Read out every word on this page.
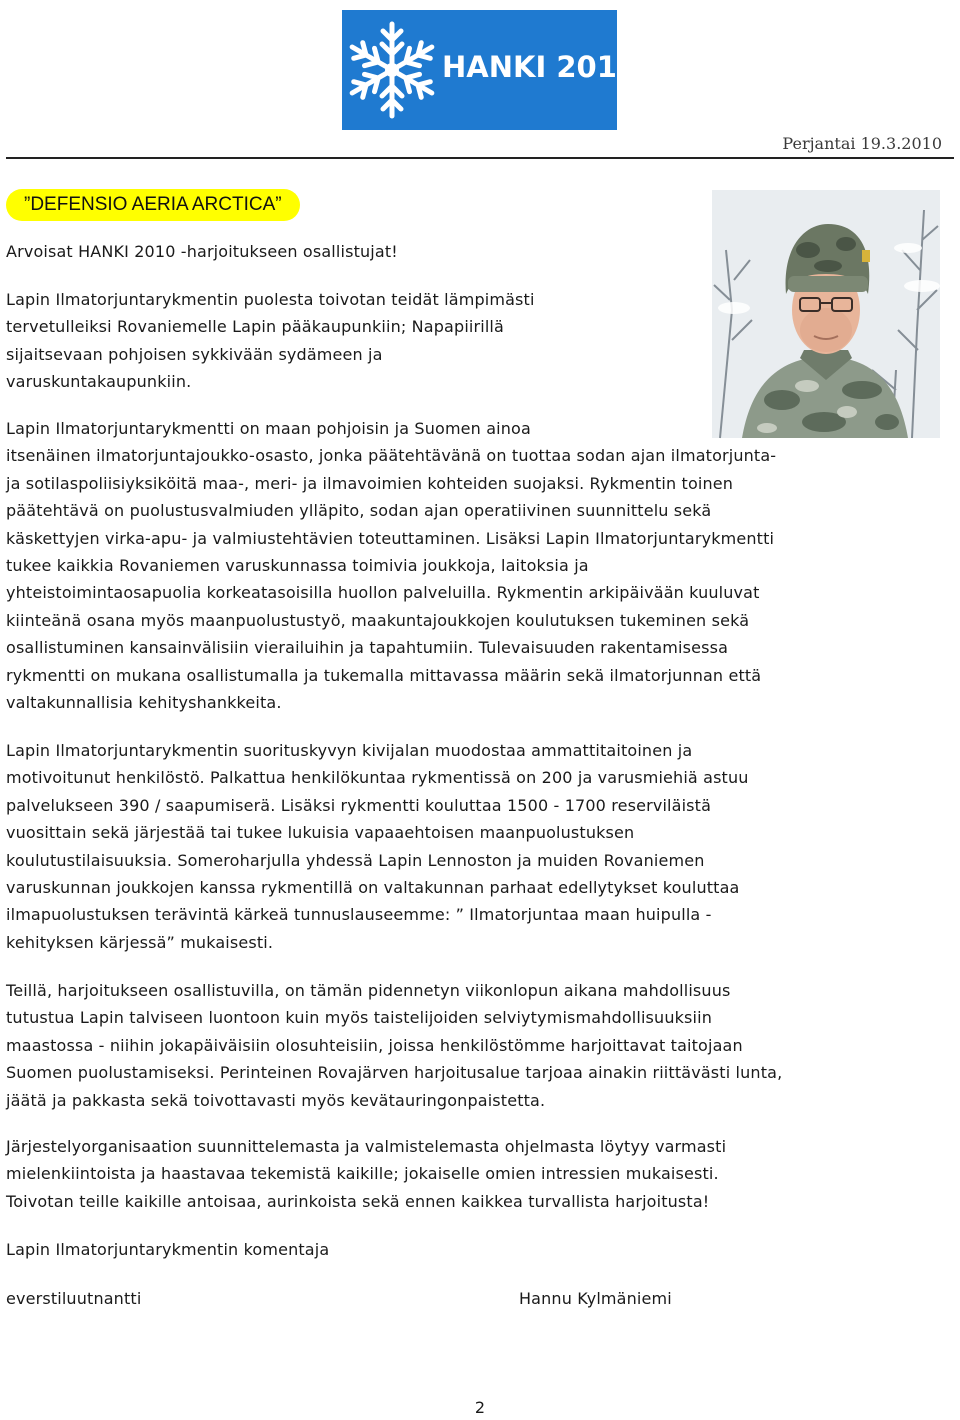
HANKI 2010
Perjantai 19.3.2010
”DEFENSIO AERIA ARCTICA”

Arvoisat HANKI 2010 -harjoitukseen osallistujat!

Lapin Ilmatorjuntarykmentin puolesta toivotan teidät lämpimästi
tervetulleiksi Rovaniemelle Lapin pääkaupunkiin; Napapiirillä
sijaitsevaan pohjoisen sykkivään sydämeen ja
varuskuntakaupunkiin.
Lapin Ilmatorjuntarykmentti on maan pohjoisin ja Suomen ainoa
itsenäinen ilmatorjuntajoukko-osasto, jonka päätehtävänä on tuottaa sodan ajan ilmatorjunta-
ja sotilaspoliisiyksiköitä maa-, meri- ja ilmavoimien kohteiden suojaksi. Rykmentin toinen
päätehtävä on puolustusvalmiuden ylläpito, sodan ajan operatiivinen suunnittelu sekä
käskettyjen virka-apu- ja valmiustehtävien toteuttaminen. Lisäksi Lapin Ilmatorjuntarykmentti
tukee kaikkia Rovaniemen varuskunnassa toimivia joukkoja, laitoksia ja
yhteistoimintaosapuolia korkeatasoisilla huollon palveluilla. Rykmentin arkipäivään kuuluvat
kiinteänä osana myös maanpuolustustyö, maakuntajoukkojen koulutuksen tukeminen sekä
osallistuminen kansainvälisiin vierailuihin ja tapahtumiin. Tulevaisuuden rakentamisessa
rykmentti on mukana osallistumalla ja tukemalla mittavassa määrin sekä ilmatorjunnan että
valtakunnallisia kehityshankkeita.
Lapin Ilmatorjuntarykmentin suorituskyvyn kivijalan muodostaa ammattitaitoinen ja
motivoitunut henkilöstö. Palkattua henkilökuntaa rykmentissä on 200 ja varusmiehiä astuu
palvelukseen 390 / saapumiserä. Lisäksi rykmentti kouluttaa 1500 - 1700 reserviläistä
vuosittain sekä järjestää tai tukee lukuisia vapaaehtoisen maanpuolustuksen
koulutustilaisuuksia. Someroharjulla yhdessä Lapin Lennoston ja muiden Rovaniemen
varuskunnan joukkojen kanssa rykmentillä on valtakunnan parhaat edellytykset kouluttaa
ilmapuolustuksen terävintä kärkeä tunnuslauseemme: ” Ilmatorjuntaa maan huipulla -
kehityksen kärjessä” mukaisesti.
Teillä, harjoitukseen osallistuvilla, on tämän pidennetyn viikonlopun aikana mahdollisuus
tutustua Lapin talviseen luontoon kuin myös taistelijoiden selviytymismahdollisuuksiin
maastossa - niihin jokapäiväisiin olosuhteisiin, joissa henkilöstömme harjoittavat taitojaan
Suomen puolustamiseksi. Perinteinen Rovajärven harjoitusalue tarjoaa ainakin riittävästi lunta,
jäätä ja pakkasta sekä toivottavasti myös kevätauringonpaistetta.
Järjestelyorganisaation suunnittelemasta ja valmistelemasta ohjelmasta löytyy varmasti
mielenkiintoista ja haastavaa tekemistä kaikille; jokaiselle omien intressien mukaisesti.
Toivotan teille kaikille antoisaa, aurinkoista sekä ennen kaikkea turvallista harjoitusta!

Lapin Ilmatorjuntarykmentin komentaja

everstiluutnantti	Hannu Kylmäniemi

2
